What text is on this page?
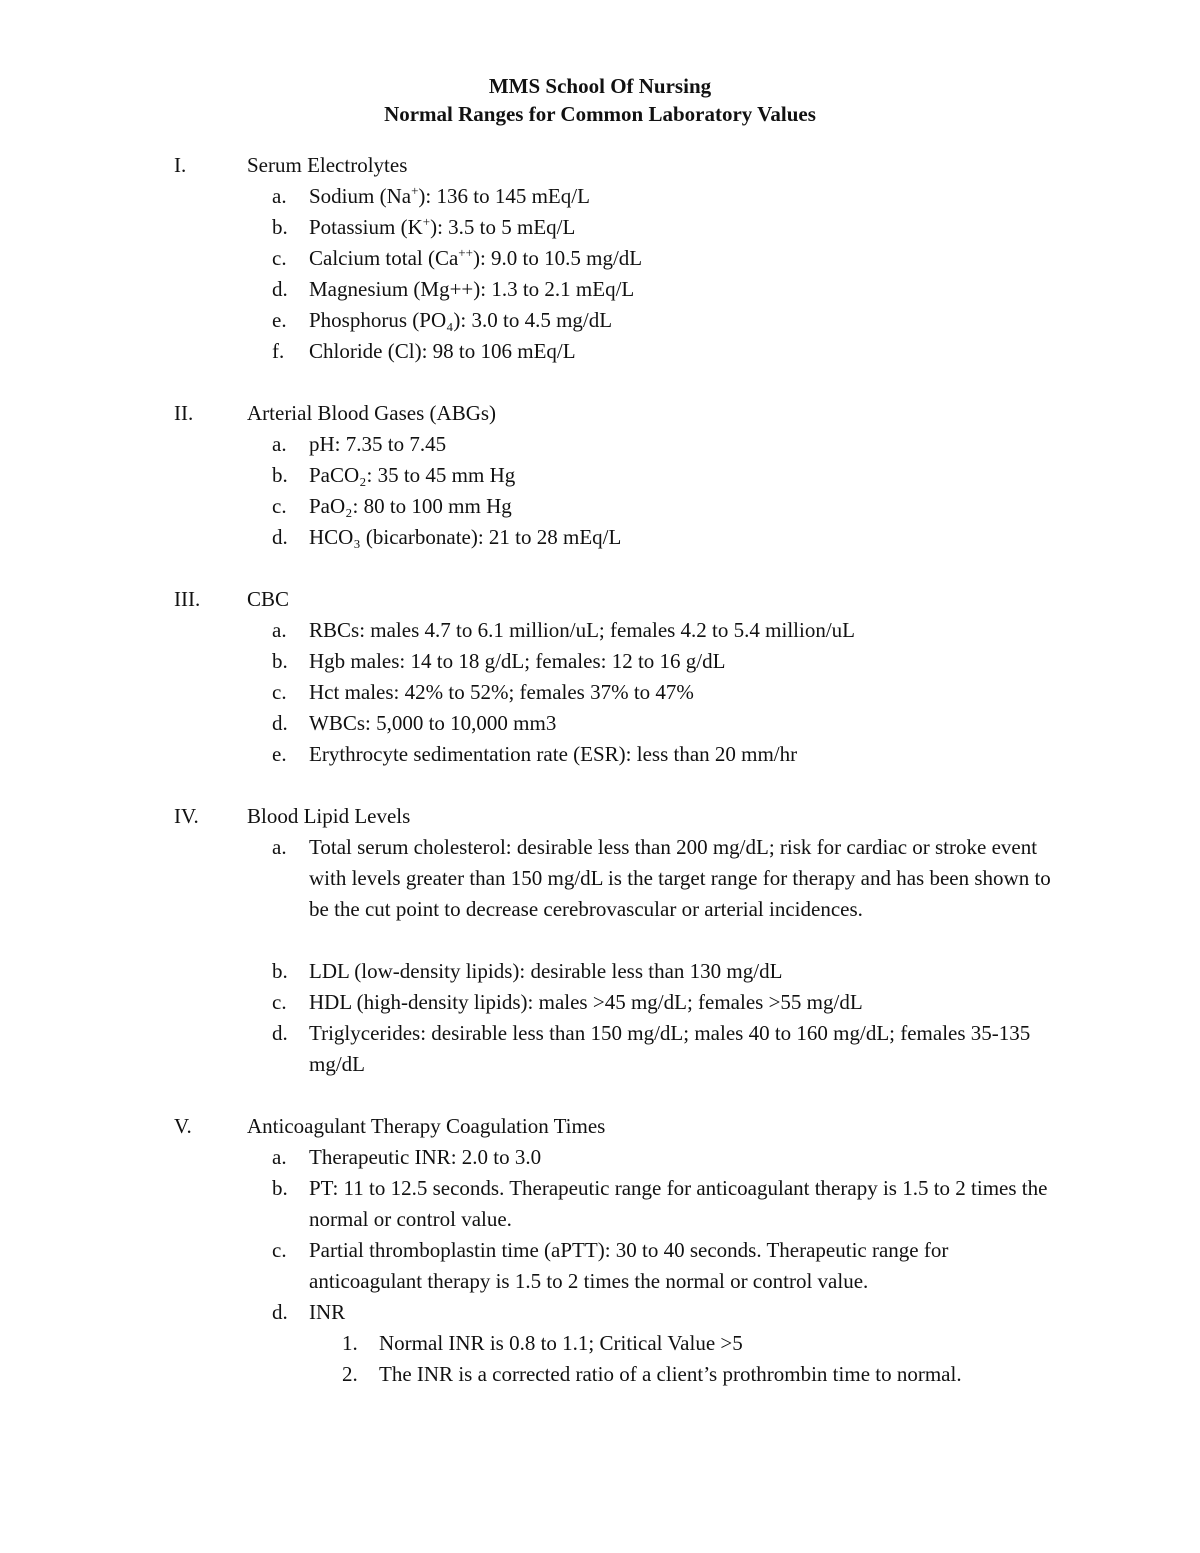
MMS School Of Nursing
Normal Ranges for Common Laboratory Values
I.	Serum Electrolytes
a. Sodium (Na+): 136 to 145 mEq/L
b. Potassium (K+): 3.5 to 5 mEq/L
c. Calcium total (Ca++): 9.0 to 10.5 mg/dL
d. Magnesium (Mg++): 1.3 to 2.1 mEq/L
e. Phosphorus (PO₄): 3.0 to 4.5 mg/dL
f. Chloride (Cl): 98 to 106 mEq/L
II.	Arterial Blood Gases (ABGs)
a. pH: 7.35 to 7.45
b. PaCO₂: 35 to 45 mm Hg
c. PaO₂: 80 to 100 mm Hg
d. HCO₃ (bicarbonate): 21 to 28 mEq/L
III. CBC
a. RBCs: males 4.7 to 6.1 million/uL; females 4.2 to 5.4 million/uL
b. Hgb males: 14 to 18 g/dL; females: 12 to 16 g/dL
c. Hct males: 42% to 52%; females 37% to 47%
d. WBCs: 5,000 to 10,000 mm3
e. Erythrocyte sedimentation rate (ESR): less than 20 mm/hr
IV. Blood Lipid Levels
a. Total serum cholesterol: desirable less than 200 mg/dL; risk for cardiac or stroke event with levels greater than 150 mg/dL is the target range for therapy and has been shown to be the cut point to decrease cerebrovascular or arterial incidences.
b. LDL (low-density lipids): desirable less than 130 mg/dL
c. HDL (high-density lipids): males >45 mg/dL; females >55 mg/dL
d. Triglycerides: desirable less than 150 mg/dL; males 40 to 160 mg/dL; females 35-135 mg/dL
V.	Anticoagulant Therapy Coagulation Times
a. Therapeutic INR: 2.0 to 3.0
b. PT: 11 to 12.5 seconds. Therapeutic range for anticoagulant therapy is 1.5 to 2 times the normal or control value.
c. Partial thromboplastin time (aPTT): 30 to 40 seconds. Therapeutic range for anticoagulant therapy is 1.5 to 2 times the normal or control value.
d. INR
1. Normal INR is 0.8 to 1.1; Critical Value >5
2. The INR is a corrected ratio of a client’s prothrombin time to normal.
